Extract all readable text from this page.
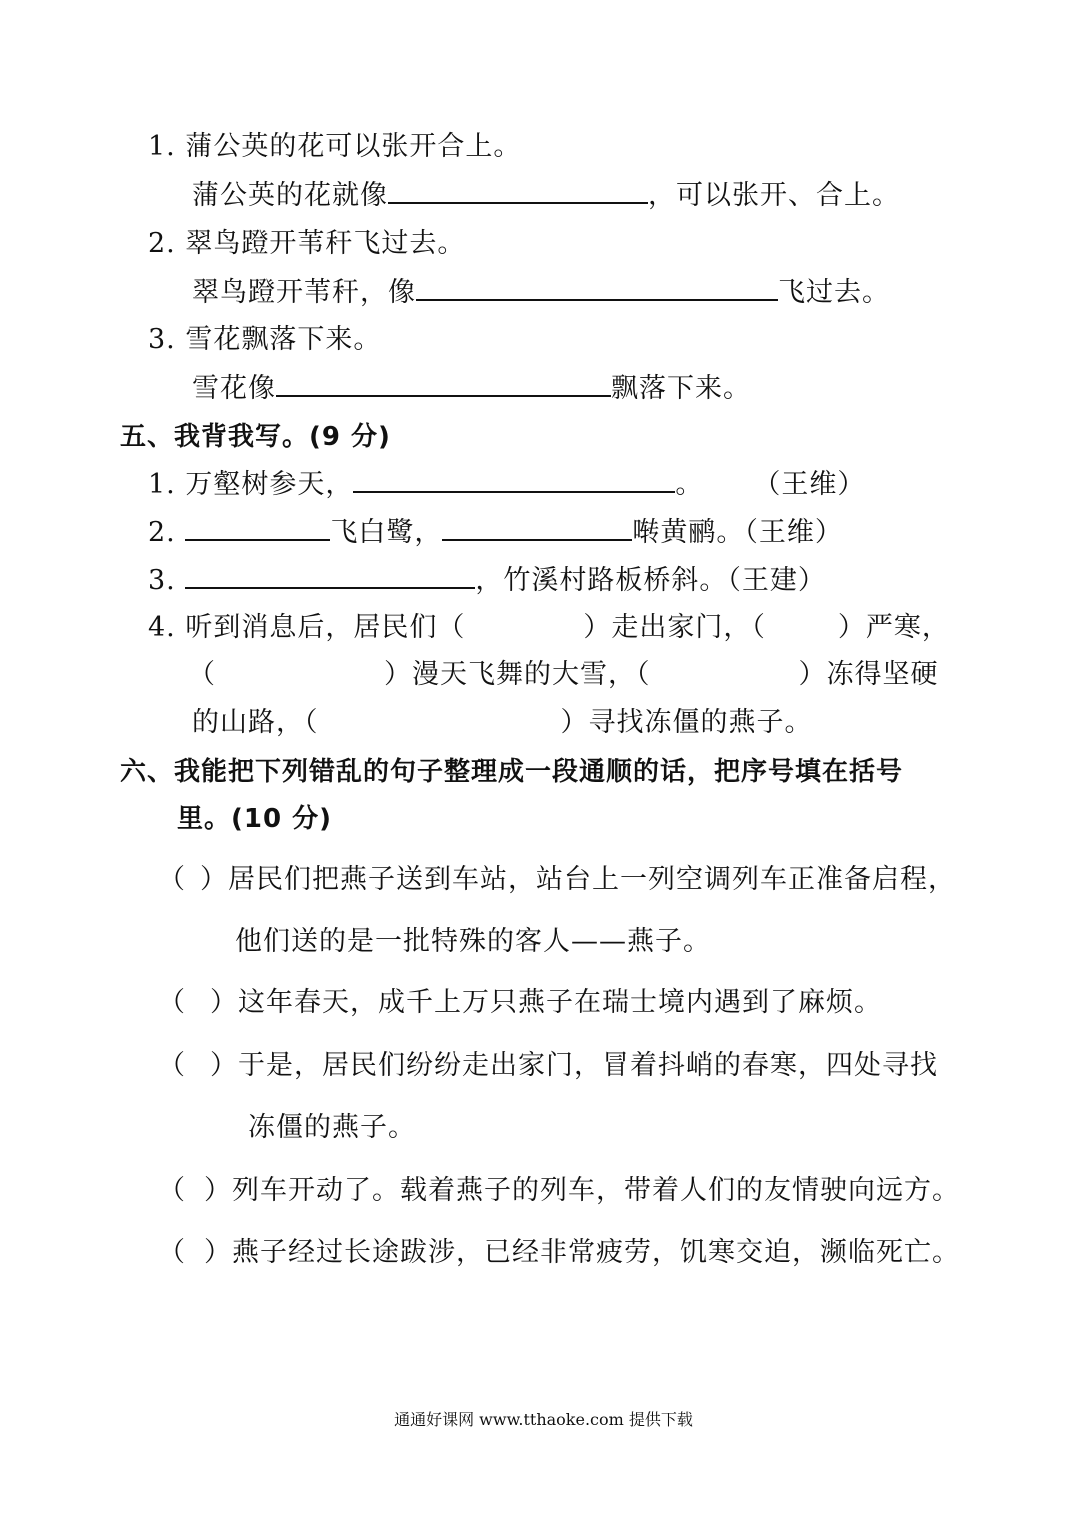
1. 蒲公英的花可以张开合上。
蒲公英的花就像	，可以张开、合上。
2. 翠鸟蹬开苇秆飞过去。
翠鸟蹬开苇秆，像	飞过去。
3. 雪花飘落下来。
雪花像	飘落下来。
五、我背我写。(9 分)
1. 万壑树参天，	。 （王维）
2.	飞白鹭，	啭黄鹂。（王维）
3.	，竹溪村路板桥斜。（王建）
4. 听到消息后，居民们（	）走出家门，（	）严寒，
（	）漫天飞舞的大雪，（	）冻得坚硬
的山路，（	）寻找冻僵的燕子。
六、我能把下列错乱的句子整理成一段通顺的话，把序号填在括号
里。(10 分)
（ ）居民们把燕子送到车站，站台上一列空调列车正准备启程，
他们送的是一批特殊的客人——燕子。
（ ）这年春天，成千上万只燕子在瑞士境内遇到了麻烦。
（ ）于是，居民们纷纷走出家门，冒着抖峭的春寒，四处寻找
冻僵的燕子。
（ ）列车开动了。载着燕子的列车，带着人们的友情驶向远方。
（ ）燕子经过长途跋涉，已经非常疲劳，饥寒交迫，濒临死亡。
通通好课网 www.tthaoke.com 提供下载
